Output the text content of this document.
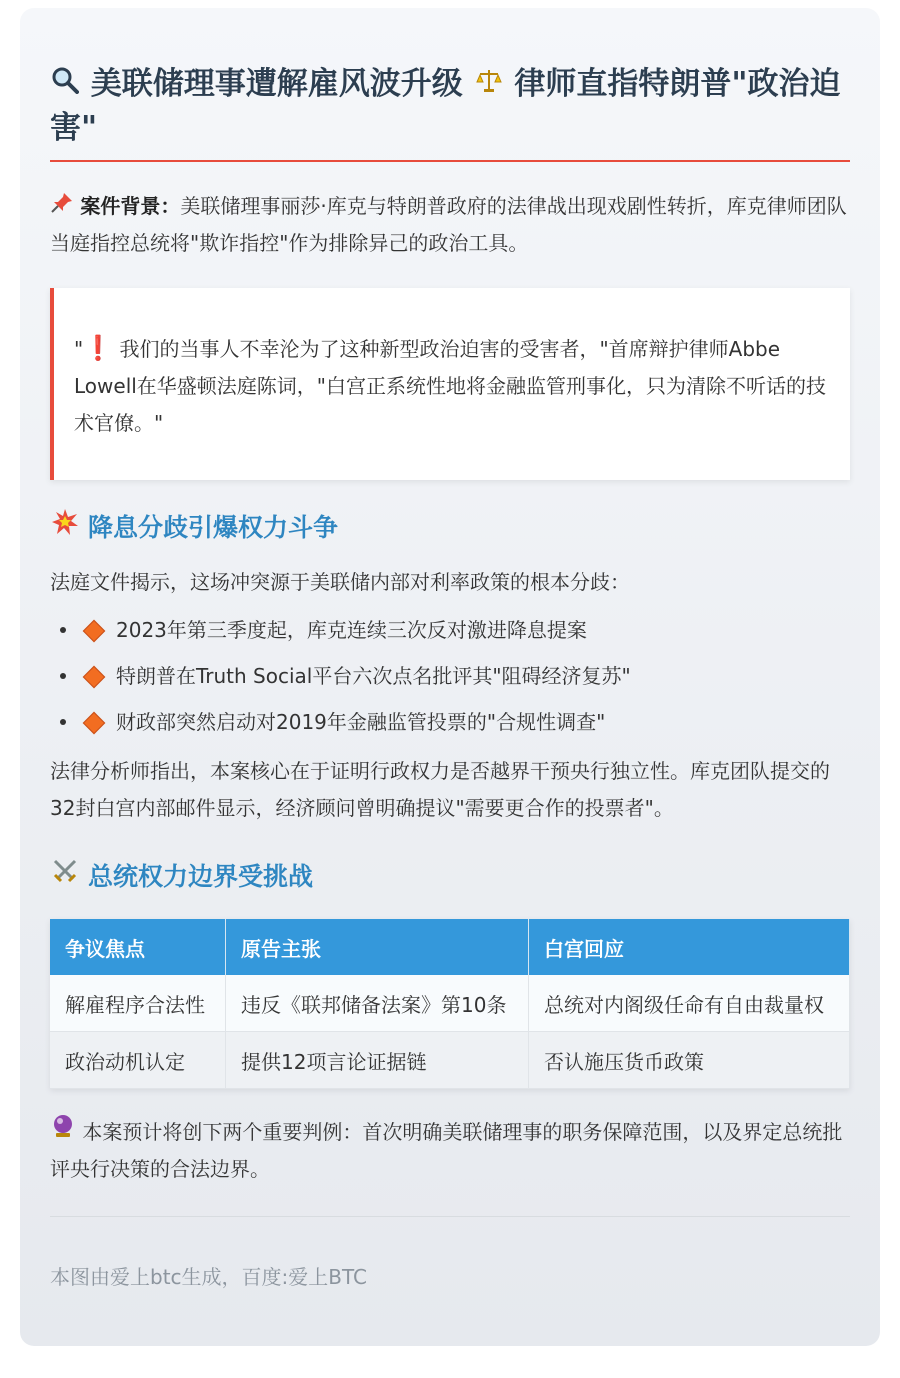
美联储理事遭解雇风波升级 律师直指特朗普"政治迫害"

案件背景：美联储理事丽莎·库克与特朗普政府的法律战出现戏剧性转折，库克律师团队当庭指控总统将"欺诈指控"作为排除异己的政治工具。

"❗ 我们的当事人不幸沦为了这种新型政治迫害的受害者，"首席辩护律师Abbe Lowell在华盛顿法庭陈词，"白宫正系统性地将金融监管刑事化，只为清除不听话的技术官僚。"
降息分歧引爆权力斗争

法庭文件揭示，这场冲突源于美联储内部对利率政策的根本分歧：

2023年第三季度起，库克连续三次反对激进降息提案
特朗普在Truth Social平台六次点名批评其"阻碍经济复苏"
财政部突然启动对2019年金融监管投票的"合规性调查"

法律分析师指出，本案核心在于证明行政权力是否越界干预央行独立性。库克团队提交的32封白宫内部邮件显示，经济顾问曾明确提议"需要更合作的投票者"。

总统权力边界受挑战
争议焦点	原告主张	白宫回应
解雇程序合法性	违反《联邦储备法案》第10条	总统对内阁级任命有自由裁量权
政治动机认定	提供12项言论证据链	否认施压货币政策

本案预计将创下两个重要判例：首次明确美联储理事的职务保障范围，以及界定总统批评央行决策的合法边界。

本图由爱上btc生成，百度:爱上BTC
